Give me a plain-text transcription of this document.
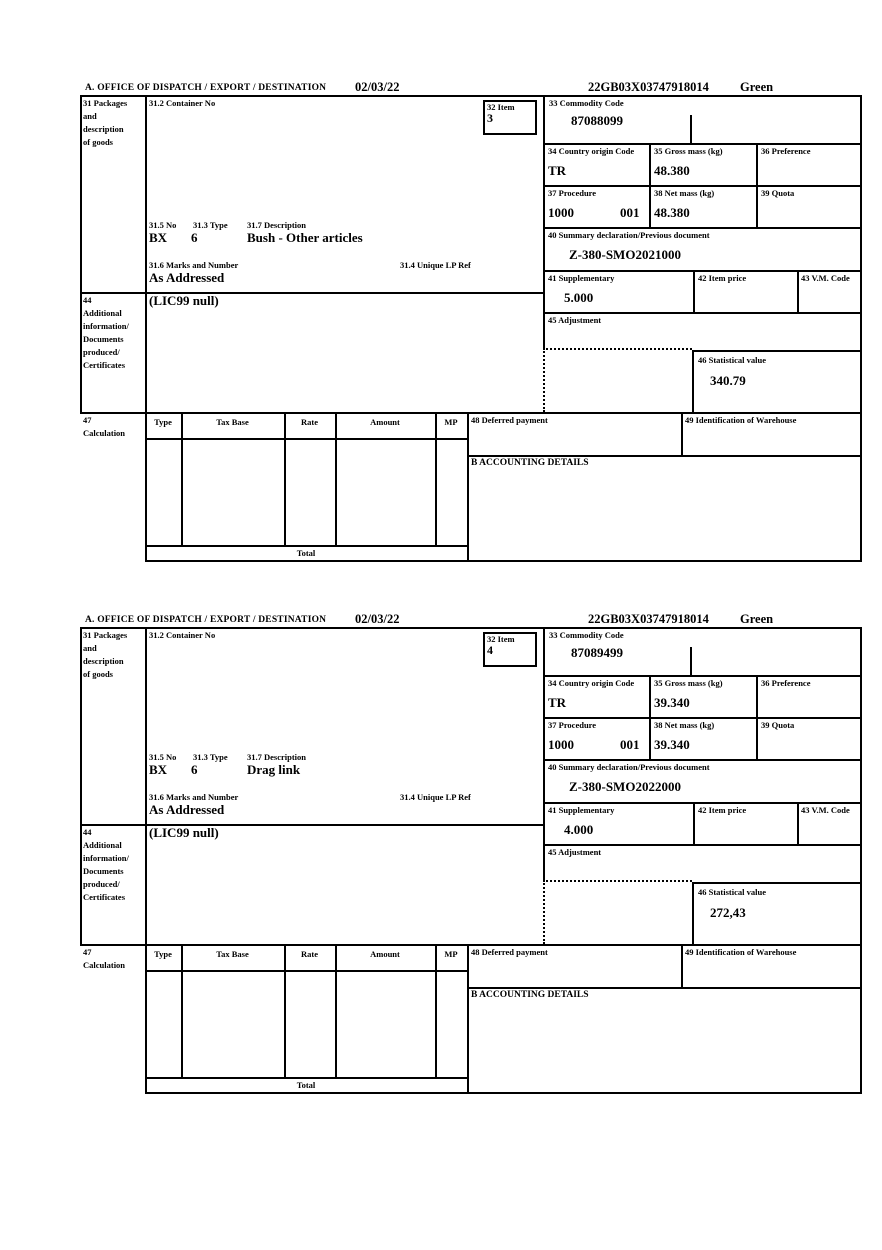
A. OFFICE OF DISPATCH / EXPORT / DESTINATION 02/03/22	22GB03X03747918014 Green
31 Packages
and
description
of goods
31.2 Container No	32 Item
3
33 Commodity Code
87088099
31.5 No 31.3 Type 31.7 Description
BX 6	Bush - Other articles
31.6 Marks and Number	31.4 Unique LP Ref
As Addressed
44
Additional
information/
Documents
produced/
Certificates
(LIC99 null)
34 Country origin Code
TR
35 Gross mass (kg)
48.380
36 Preference
37 Procedure
1000	001
38 Net mass (kg)
48.380
39 Quota
40 Summary declaration/Previous document
Z-380-SMO2021000
41 Supplementary
5.000
42 Item price	43 V.M. Code
45 Adjustment
46 Statistical value
340.79
47
Calculation
Type	Tax Base	Rate	Amount	MP
Total
48 Deferred payment	49 Identification of Warehouse
B ACCOUNTING DETAILS
A. OFFICE OF DISPATCH / EXPORT / DESTINATION 02/03/22	22GB03X03747918014 Green
31 Packages
and
description
of goods
31.2 Container No	32 Item
4
33 Commodity Code
87089499
31.5 No 31.3 Type 31.7 Description
BX 6	Drag link
31.6 Marks and Number	31.4 Unique LP Ref
As Addressed
44
Additional
information/
Documents
produced/
Certificates
(LIC99 null)
34 Country origin Code
TR
35 Gross mass (kg)
39.340
36 Preference
37 Procedure
1000	001
38 Net mass (kg)
39.340
39 Quota
40 Summary declaration/Previous document
Z-380-SMO2022000
41 Supplementary
4.000
42 Item price	43 V.M. Code
45 Adjustment
46 Statistical value
272,43
47
Calculation
Type	Tax Base	Rate	Amount	MP
Total
48 Deferred payment	49 Identification of Warehouse
B ACCOUNTING DETAILS
